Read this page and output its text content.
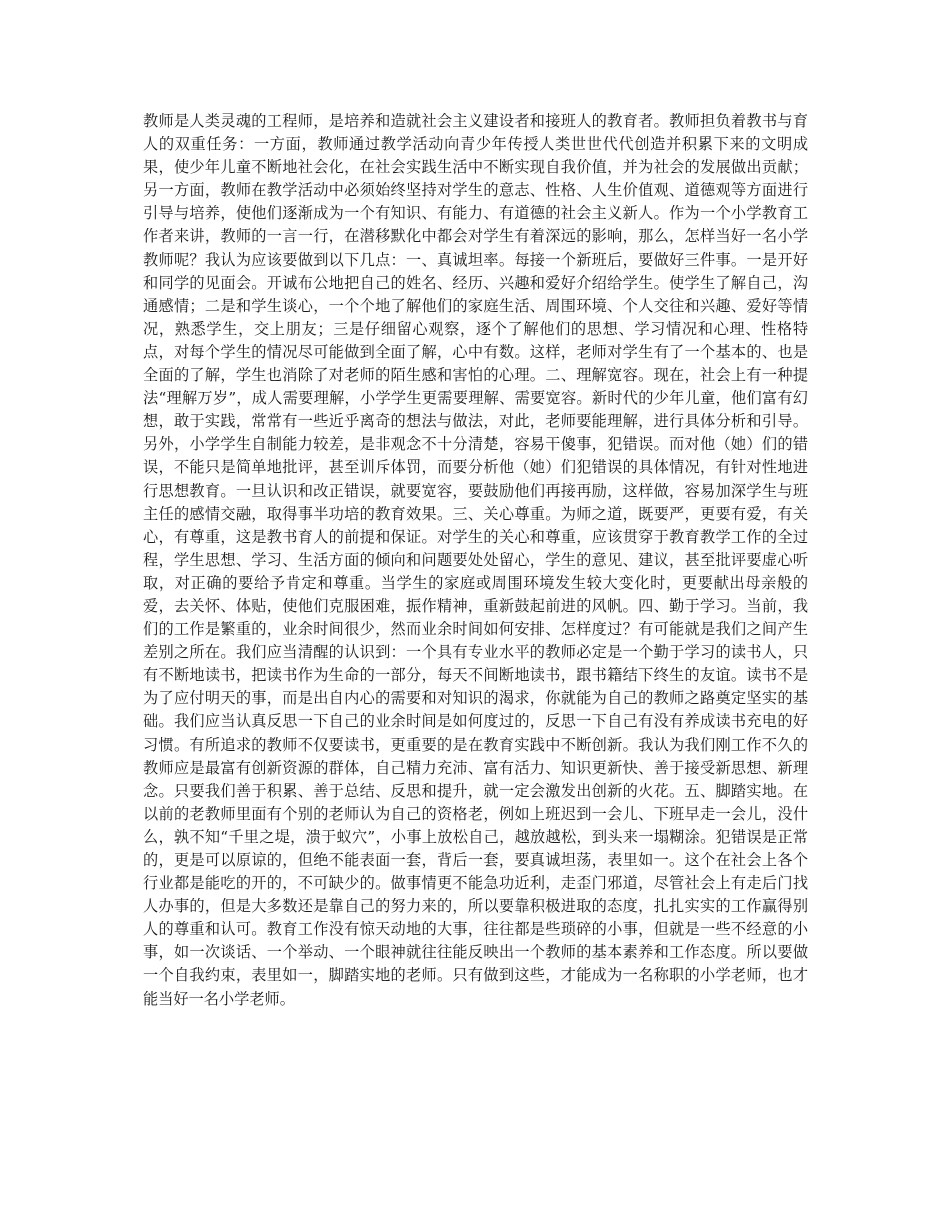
教师是人类灵魂的工程师，是培养和造就社会主义建设者和接班人的教育者。教师担负着教书与育人的双重任务：一方面，教师通过教学活动向青少年传授人类世世代代创造并积累下来的文明成果，使少年儿童不断地社会化，在社会实践生活中不断实现自我价值，并为社会的发展做出贡献；另一方面，教师在教学活动中必须始终坚持对学生的意志、性格、人生价值观、道德观等方面进行引导与培养，使他们逐渐成为一个有知识、有能力、有道德的社会主义新人。作为一个小学教育工作者来讲，教师的一言一行，在潜移默化中都会对学生有着深远的影响，那么，怎样当好一名小学教师呢？我认为应该要做到以下几点：一、真诚坦率。每接一个新班后，要做好三件事。一是开好和同学的见面会。开诚布公地把自己的姓名、经历、兴趣和爱好介绍给学生。使学生了解自己，沟通感情；二是和学生谈心，一个个地了解他们的家庭生活、周围环境、个人交往和兴趣、爱好等情况，熟悉学生，交上朋友；三是仔细留心观察，逐个了解他们的思想、学习情况和心理、性格特点，对每个学生的情况尽可能做到全面了解，心中有数。这样，老师对学生有了一个基本的、也是全面的了解，学生也消除了对老师的陌生感和害怕的心理。二、理解宽容。现在，社会上有一种提法“理解万岁”，成人需要理解，小学学生更需要理解、需要宽容。新时代的少年儿童，他们富有幻想，敢于实践，常常有一些近乎离奇的想法与做法，对此，老师要能理解，进行具体分析和引导。另外，小学学生自制能力较差，是非观念不十分清楚，容易干傻事，犯错误。而对他（她）们的错误，不能只是简单地批评，甚至训斥体罚，而要分析他（她）们犯错误的具体情况，有针对性地进行思想教育。一旦认识和改正错误，就要宽容，要鼓励他们再接再励，这样做，容易加深学生与班主任的感情交融，取得事半功培的教育效果。三、关心尊重。为师之道，既要严，更要有爱，有关心，有尊重，这是教书育人的前提和保证。对学生的关心和尊重，应该贯穿于教育教学工作的全过程，学生思想、学习、生活方面的倾向和问题要处处留心，学生的意见、建议，甚至批评要虚心听取，对正确的要给予肯定和尊重。当学生的家庭或周围环境发生较大变化时，更要献出母亲般的爱，去关怀、体贴，使他们克服困难，振作精神，重新鼓起前进的风帆。四、勤于学习。当前，我们的工作是繁重的，业余时间很少，然而业余时间如何安排、怎样度过？有可能就是我们之间产生差别之所在。我们应当清醒的认识到：一个具有专业水平的教师必定是一个勤于学习的读书人，只有不断地读书，把读书作为生命的一部分，每天不间断地读书，跟书籍结下终生的友谊。读书不是为了应付明天的事，而是出自内心的需要和对知识的渴求，你就能为自己的教师之路奠定坚实的基础。我们应当认真反思一下自己的业余时间是如何度过的，反思一下自己有没有养成读书充电的好习惯。有所追求的教师不仅要读书，更重要的是在教育实践中不断创新。我认为我们刚工作不久的教师应是最富有创新资源的群体，自己精力充沛、富有活力、知识更新快、善于接受新思想、新理念。只要我们善于积累、善于总结、反思和提升，就一定会激发出创新的火花。五、脚踏实地。在以前的老教师里面有个别的老师认为自己的资格老，例如上班迟到一会儿、下班早走一会儿，没什么，孰不知“千里之堤，溃于蚁穴”，小事上放松自己，越放越松，到头来一塌糊涂。犯错误是正常的，更是可以原谅的，但绝不能表面一套，背后一套，要真诚坦荡，表里如一。这个在社会上各个行业都是能吃的开的，不可缺少的。做事情更不能急功近利，走歪门邪道，尽管社会上有走后门找人办事的，但是大多数还是靠自己的努力来的，所以要靠积极进取的态度，扎扎实实的工作赢得别人的尊重和认可。教育工作没有惊天动地的大事，往往都是些琐碎的小事，但就是一些不经意的小事，如一次谈话、一个举动、一个眼神就往往能反映出一个教师的基本素养和工作态度。所以要做一个自我约束，表里如一，脚踏实地的老师。只有做到这些，才能成为一名称职的小学老师，也才能当好一名小学老师。
